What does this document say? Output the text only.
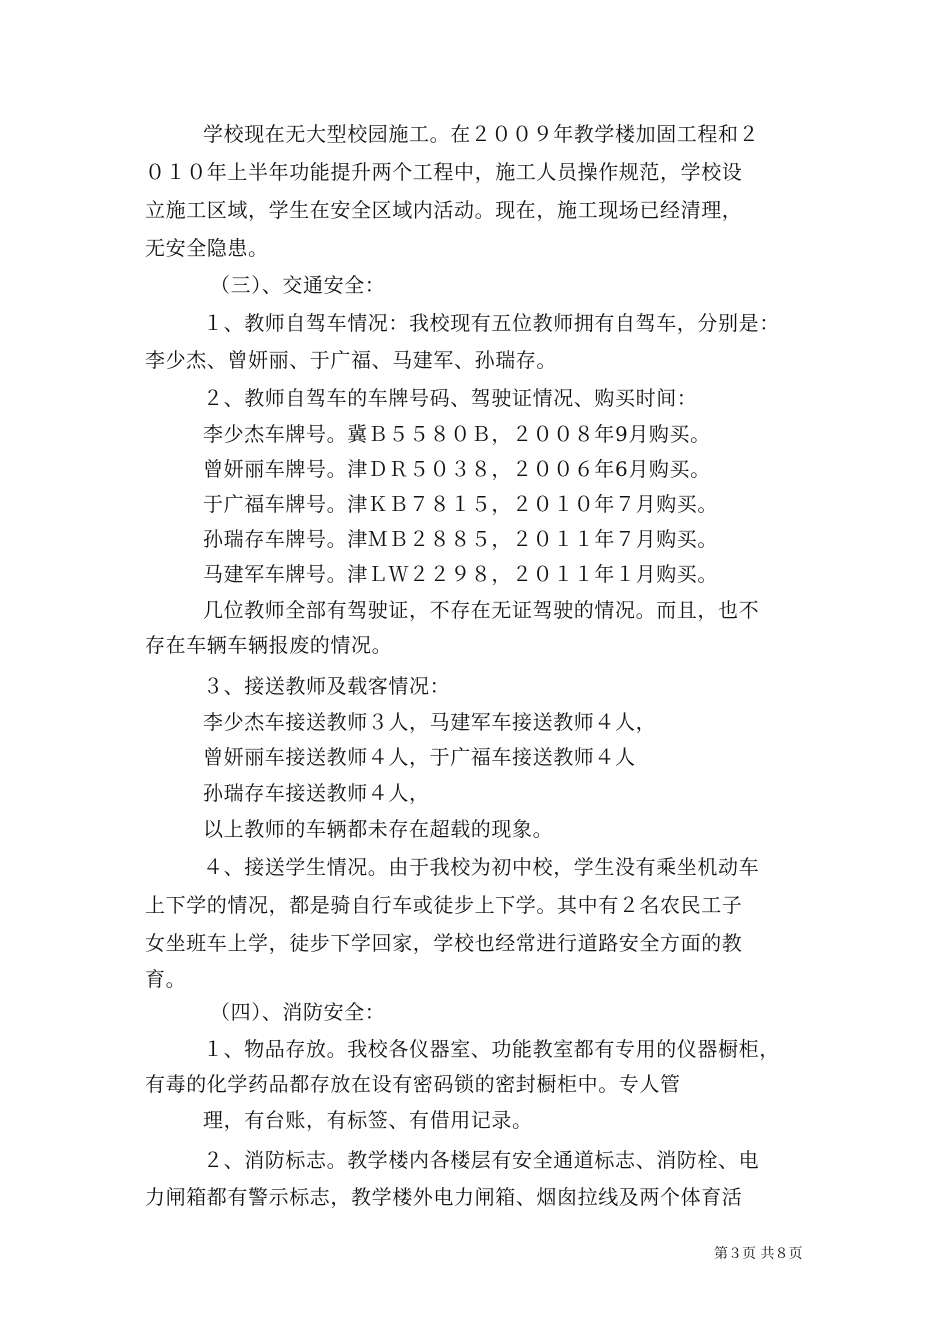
学校现在无大型校园施工。在２００９年教学楼加固工程和２
０１０年上半年功能提升两个工程中，施工人员操作规范，学校设
立施工区域，学生在安全区域内活动。现在，施工现场已经清理，
无安全隐患。
（三）、交通安全：
１、教师自驾车情况：我校现有五位教师拥有自驾车，分别是：
李少杰、曾妍丽、于广福、马建军、孙瑞存。
２、教师自驾车的车牌号码、驾驶证情况、购买时间：
李少杰车牌号。冀Ｂ５５８０Ｂ，２００８年9月购买。
曾妍丽车牌号。津ＤＲ５０３８，２００６年6月购买。
于广福车牌号。津ＫＢ７８１５，２０１０年７月购买。
孙瑞存车牌号。津ＭＢ２８８５，２０１１年７月购买。
马建军车牌号。津ＬＷ２２９８，２０１１年１月购买。
几位教师全部有驾驶证，不存在无证驾驶的情况。而且，也不
存在车辆车辆报废的情况。
３、接送教师及载客情况：
李少杰车接送教师３人，马建军车接送教师４人，
曾妍丽车接送教师４人，于广福车接送教师４人
孙瑞存车接送教师４人，
以上教师的车辆都未存在超载的现象。
４、接送学生情况。由于我校为初中校，学生没有乘坐机动车
上下学的情况，都是骑自行车或徒步上下学。其中有２名农民工子
女坐班车上学，徒步下学回家，学校也经常进行道路安全方面的教
育。
（四）、消防安全：
１、物品存放。我校各仪器室、功能教室都有专用的仪器橱柜，
有毒的化学药品都存放在设有密码锁的密封橱柜中。专人管
理，有台账，有标签、有借用记录。
２、消防标志。教学楼内各楼层有安全通道标志、消防栓、电
力闸箱都有警示标志，教学楼外电力闸箱、烟囱拉线及两个体育活
第３页 共８页
